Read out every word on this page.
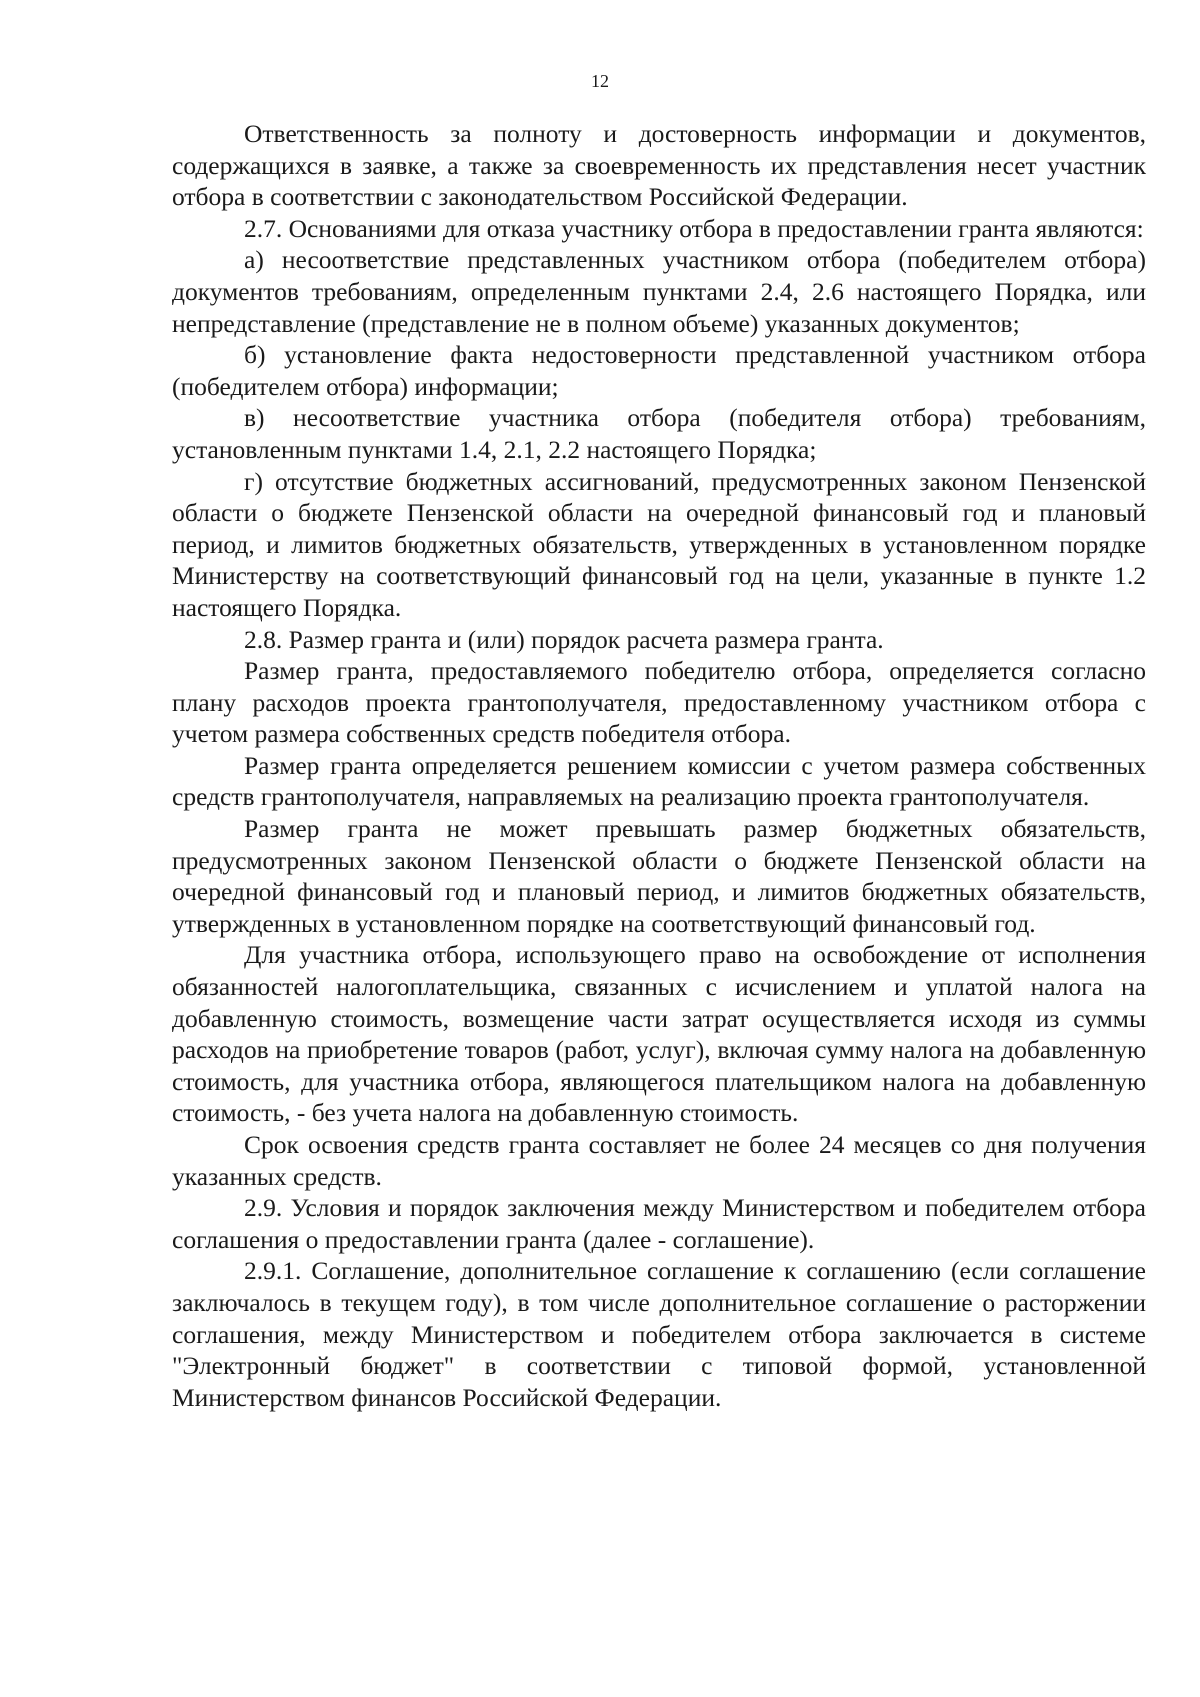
12

Ответственность за полноту и достоверность информации и документов, содержащихся в заявке, а также за своевременность их представления несет участник отбора в соответствии с законодательством Российской Федерации.

2.7. Основаниями для отказа участнику отбора в предоставлении гранта являются:

а) несоответствие представленных участником отбора (победителем отбора) документов требованиям, определенным пунктами 2.4, 2.6 настоящего Порядка, или непредставление (представление не в полном объеме) указанных документов;

б) установление факта недостоверности представленной участником отбора (победителем отбора) информации;

в) несоответствие участника отбора (победителя отбора) требованиям, установленным пунктами 1.4, 2.1, 2.2 настоящего Порядка;

г) отсутствие бюджетных ассигнований, предусмотренных законом Пензенской области о бюджете Пензенской области на очередной финансовый год и плановый период, и лимитов бюджетных обязательств, утвержденных в установленном порядке Министерству на соответствующий финансовый год на цели, указанные в пункте 1.2 настоящего Порядка.

2.8. Размер гранта и (или) порядок расчета размера гранта.

Размер гранта, предоставляемого победителю отбора, определяется согласно плану расходов проекта грантополучателя, предоставленному участником отбора с учетом размера собственных средств победителя отбора.

Размер гранта определяется решением комиссии с учетом размера собственных средств грантополучателя, направляемых на реализацию проекта грантополучателя.

Размер гранта не может превышать размер бюджетных обязательств, предусмотренных законом Пензенской области о бюджете Пензенской области на очередной финансовый год и плановый период, и лимитов бюджетных обязательств, утвержденных в установленном порядке на соответствующий финансовый год.

Для участника отбора, использующего право на освобождение от исполнения обязанностей налогоплательщика, связанных с исчислением и уплатой налога на добавленную стоимость, возмещение части затрат осуществляется исходя из суммы расходов на приобретение товаров (работ, услуг), включая сумму налога на добавленную стоимость, для участника отбора, являющегося плательщиком налога на добавленную стоимость, - без учета налога на добавленную стоимость.

Срок освоения средств гранта составляет не более 24 месяцев со дня получения указанных средств.

2.9. Условия и порядок заключения между Министерством и победителем отбора соглашения о предоставлении гранта (далее - соглашение).

2.9.1. Соглашение, дополнительное соглашение к соглашению (если соглашение заключалось в текущем году), в том числе дополнительное соглашение о расторжении соглашения, между Министерством и победителем отбора заключается в системе "Электронный бюджет" в соответствии с типовой формой, установленной Министерством финансов Российской Федерации.
